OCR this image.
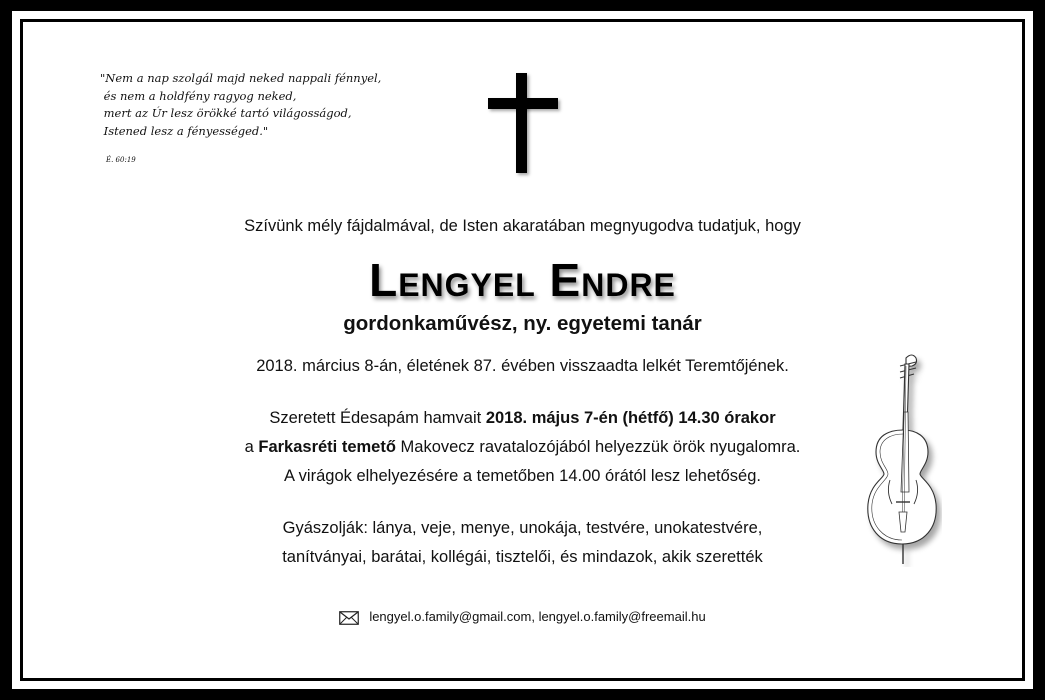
"Nem a nap szolgál majd neked nappali fénnyel,
és nem a holdfény ragyog neked,
mert az Úr lesz örökké tartó világosságod,
Istened lesz a fényességed."
É. 60:19

Szívünk mély fájdalmával, de Isten akaratában megnyugodva tudatjuk, hogy
Lengyel Endre
gordonkaművész, ny. egyetemi tanár
2018. március 8-án, életének 87. évében visszaadta lelkét Teremtőjének.
Szeretett Édesapám hamvait 2018. május 7-én (hétfő) 14.30 órakor
a Farkasréti temető Makovecz ravatalozójából helyezzük örök nyugalomra.
A virágok elhelyezésére a temetőben 14.00 órától lesz lehetőség.
Gyászolják: lánya, veje, menye, unokája, testvére, unokatestvére,
tanítványai, barátai, kollégái, tisztelői, és mindazok, akik szerették
lengyel.o.family@gmail.com, lengyel.o.family@freemail.hu
